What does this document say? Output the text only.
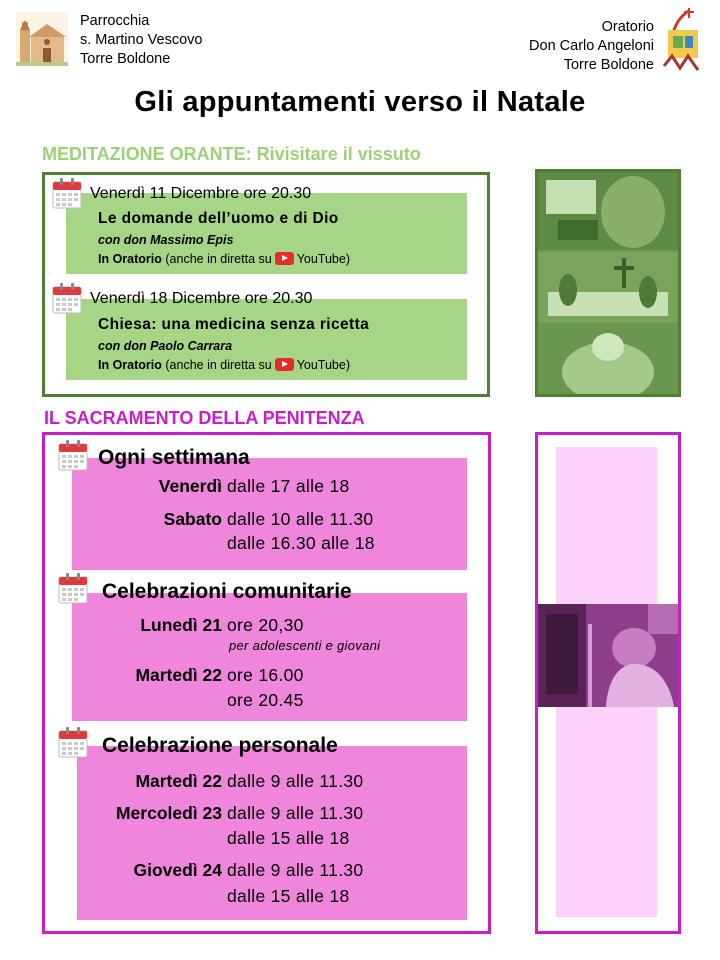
Parrocchia
s. Martino Vescovo
Torre Boldone
Oratorio
Don Carlo Angeloni
Torre Boldone
Gli appuntamenti verso il Natale
MEDITAZIONE ORANTE: Rivisitare il vissuto
Venerdì 11 Dicembre ore 20.30
Le domande dell’uomo e di Dio
con don Massimo Epis
In Oratorio (anche in diretta su YouTube)
Venerdì 18 Dicembre ore 20.30
Chiesa: una medicina senza ricetta
con don Paolo Carrara
In Oratorio (anche in diretta su YouTube)
IL SACRAMENTO DELLA PENITENZA
Ogni settimana
Venerdì dalle 17 alle 18
Sabato dalle 10 alle 11.30
dalle 16.30 alle 18
Celebrazioni comunitarie
Lunedì 21 ore 20,30
per adolescenti e giovani
Martedì 22 ore 16.00
ore 20.45
Celebrazione personale
Martedì 22 dalle 9 alle 11.30
Mercoledì 23 dalle 9 alle 11.30
dalle 15 alle 18
Giovedì 24 dalle 9 alle 11.30
dalle 15 alle 18
